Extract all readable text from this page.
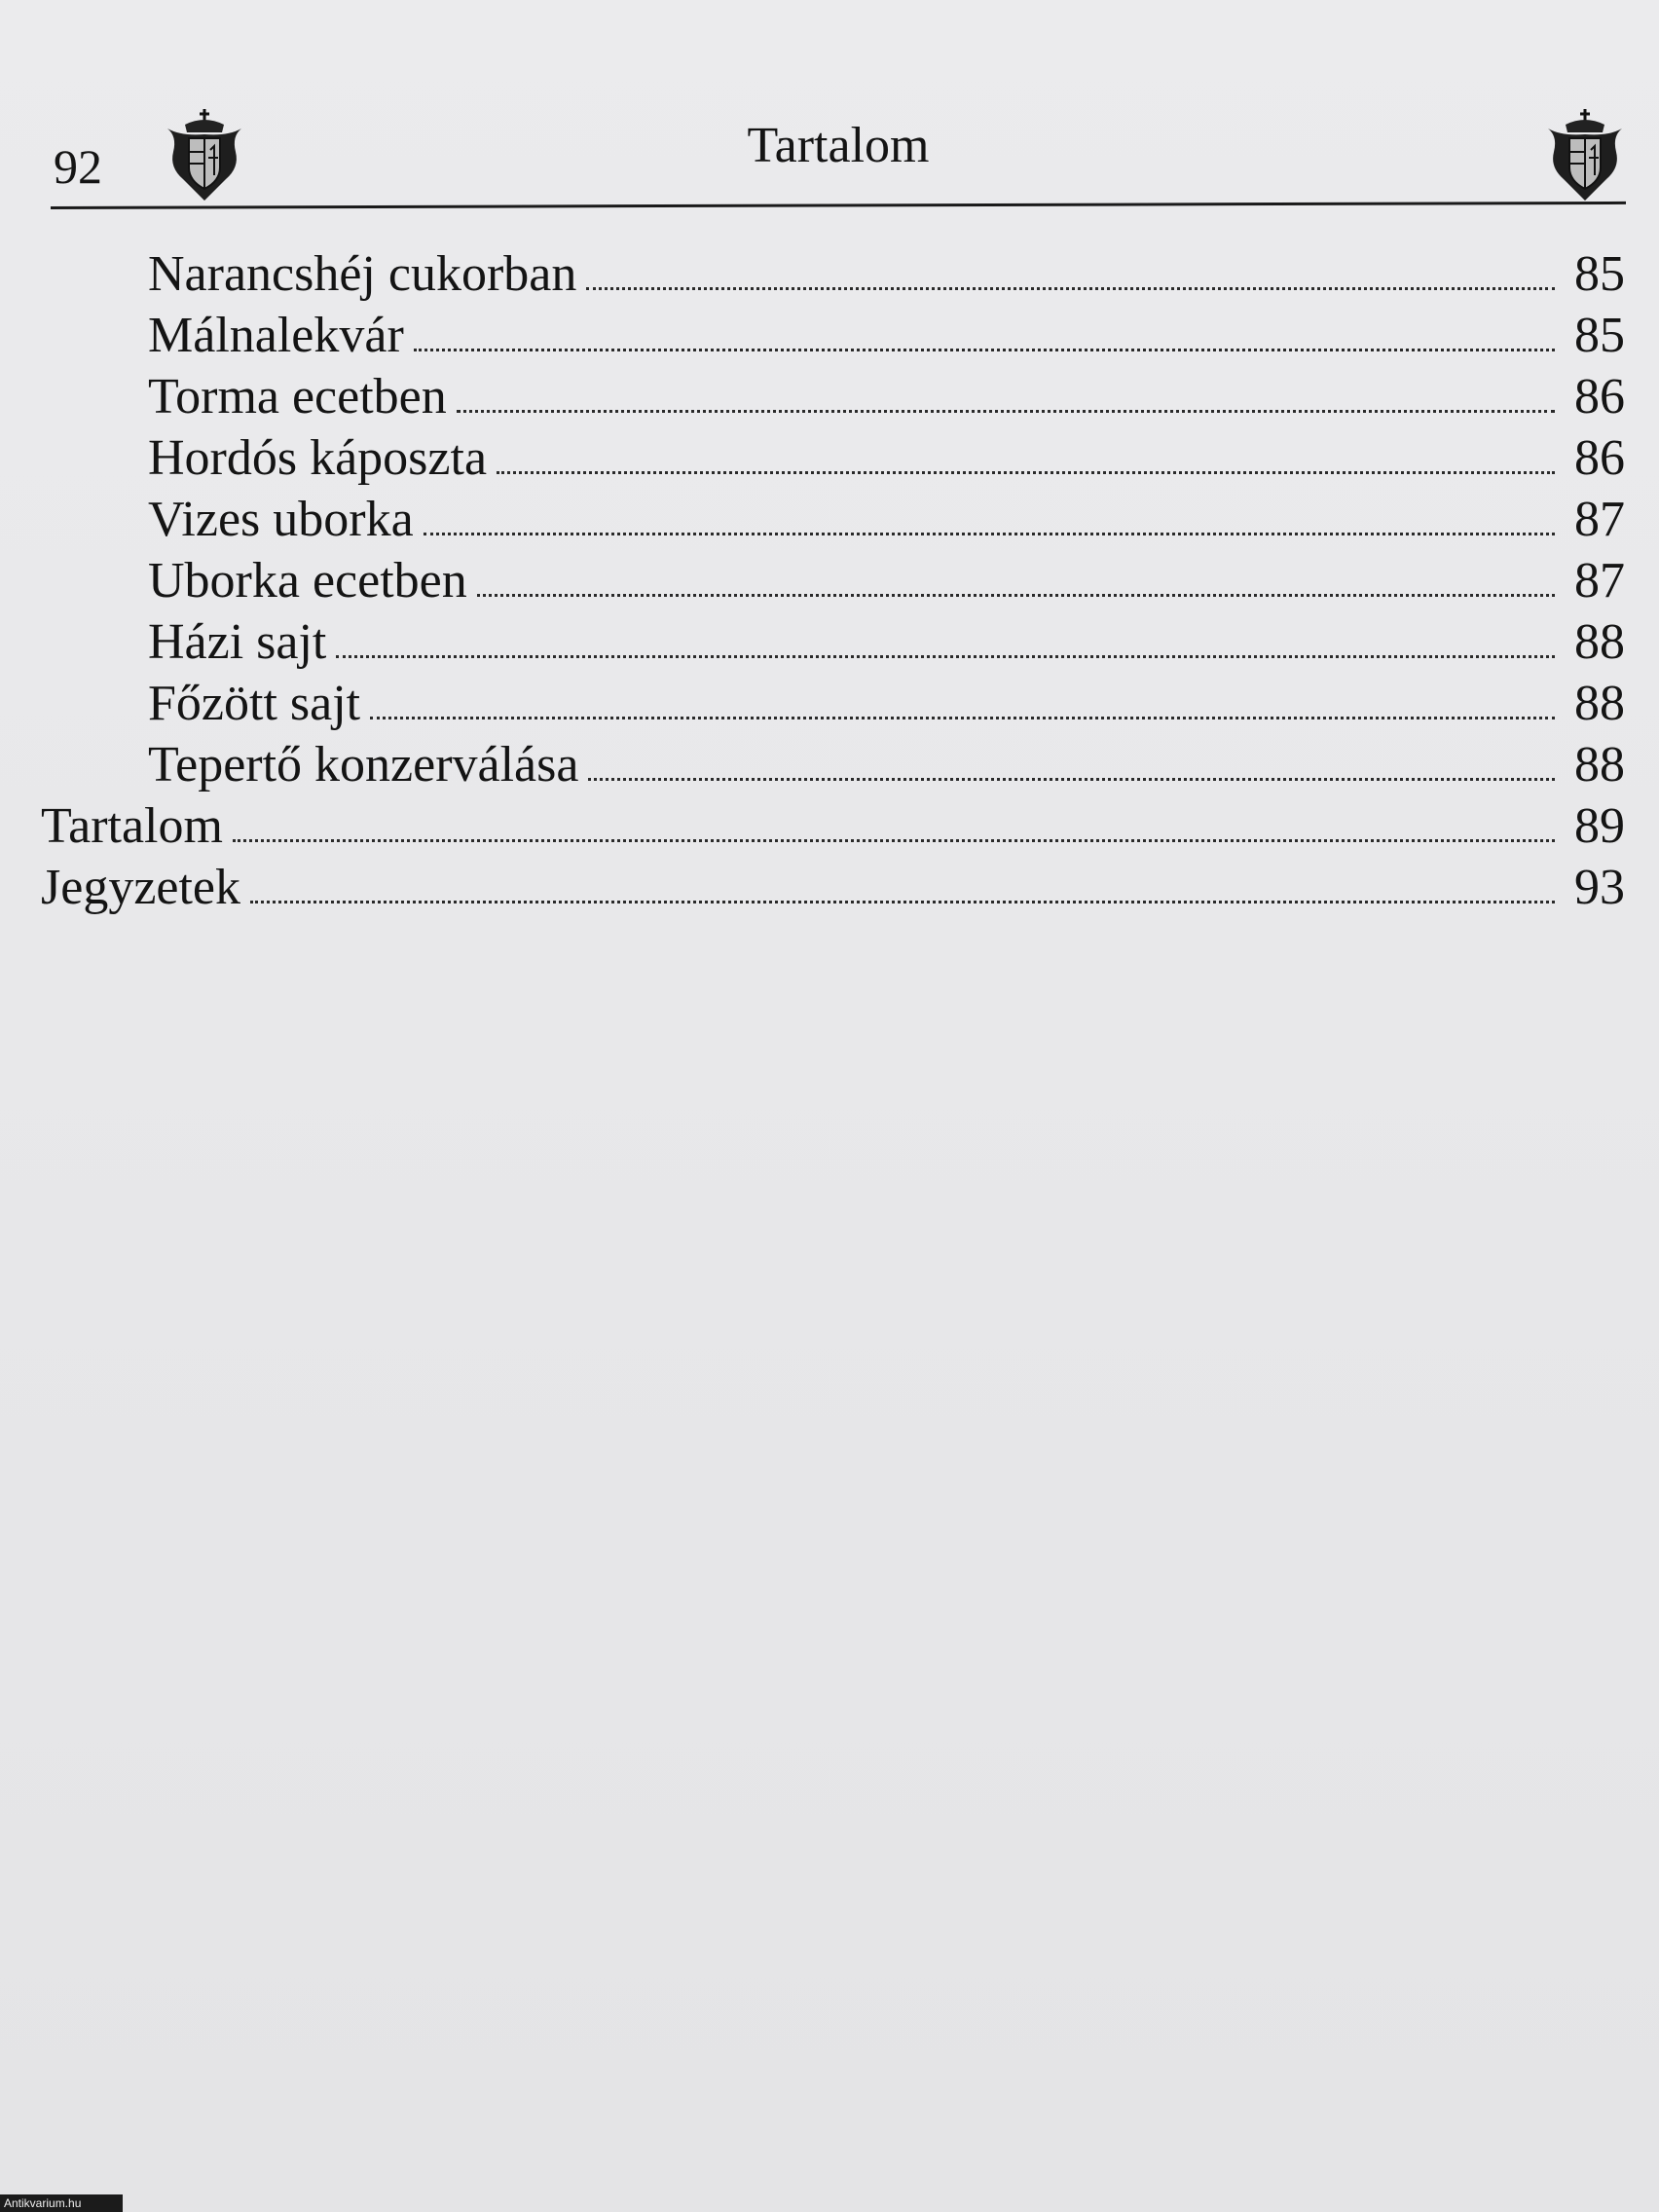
92	Tartalom
Narancshéj cukorban	85
Málnalekvár	85
Torma ecetben	86
Hordós káposzta	86
Vizes uborka	87
Uborka ecetben	87
Házi sajt	88
Főzött sajt	88
Tepertő konzerválása	88
Tartalom	89
Jegyzetek	93
Antikvarium.hu
